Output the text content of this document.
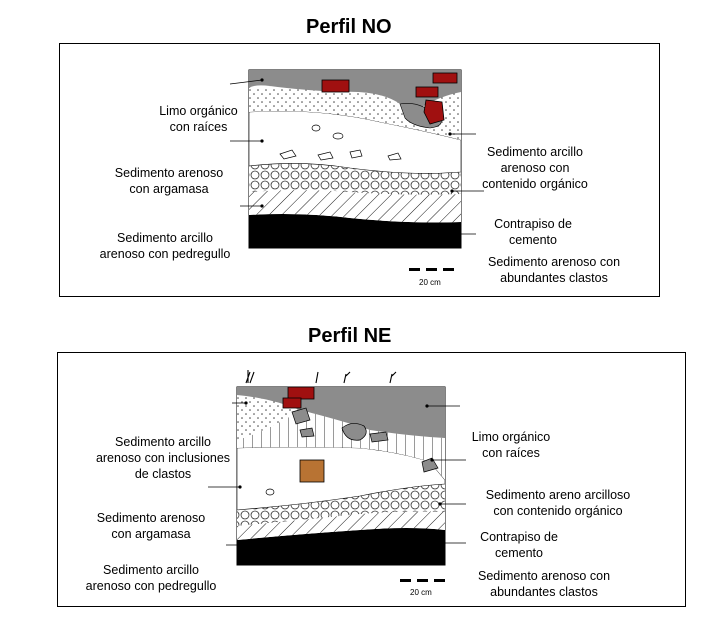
Perfil NO

Limo orgánico
con raíces

Sedimento arenoso
con argamasa

Sedimento arcillo
arenoso con pedregullo

Sedimento arcillo
arenoso con
contenido orgánico

Contrapiso de
cemento

Sedimento arenoso con
abundantes clastos

20 cm
Perfil NE

Sedimento arcillo
arenoso con inclusiones
de clastos

Sedimento arenoso
con argamasa

Sedimento arcillo
arenoso con pedregullo

Limo orgánico
con raíces

Sedimento areno arcilloso
con contenido orgánico

Contrapiso de
cemento

Sedimento arenoso con
abundantes clastos

20 cm
